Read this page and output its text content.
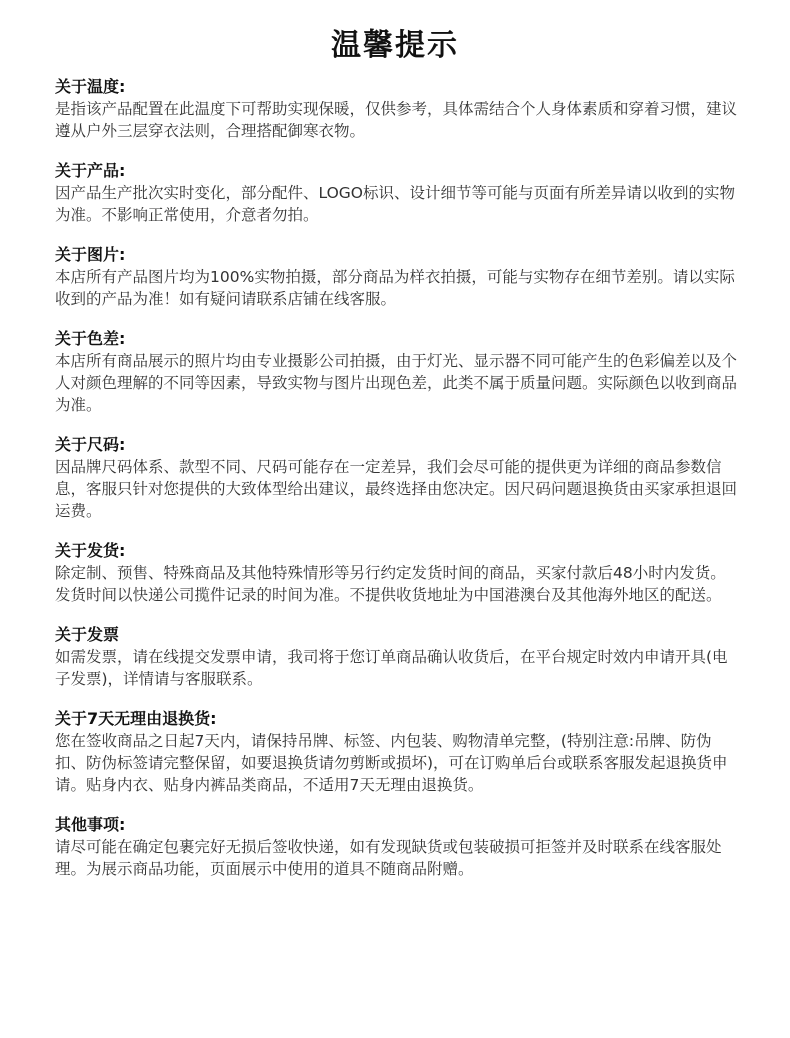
温馨提示

关于温度:

是指该产品配置在此温度下可帮助实现保暖，仅供参考，具体需结合个人身体素质和穿着习惯，建议遵从户外三层穿衣法则，合理搭配御寒衣物。

关于产品:

因产品生产批次实时变化，部分配件、LOGO标识、设计细节等可能与页面有所差异请以收到的实物为准。不影响正常使用，介意者勿拍。

关于图片:

本店所有产品图片均为100%实物拍摄，部分商品为样衣拍摄，可能与实物存在细节差别。请以实际收到的产品为准！如有疑问请联系店铺在线客服。

关于色差:

本店所有商品展示的照片均由专业摄影公司拍摄，由于灯光、显示器不同可能产生的色彩偏差以及个人对颜色理解的不同等因素，导致实物与图片出现色差，此类不属于质量问题。实际颜色以收到商品为准。

关于尺码:

因品牌尺码体系、款型不同、尺码可能存在一定差异，我们会尽可能的提供更为详细的商品参数信息，客服只针对您提供的大致体型给出建议，最终选择由您决定。因尺码问题退换货由买家承担退回运费。

关于发货:

除定制、预售、特殊商品及其他特殊情形等另行约定发货时间的商品，买家付款后48小时内发货。发货时间以快递公司揽件记录的时间为准。不提供收货地址为中国港澳台及其他海外地区的配送。

关于发票

如需发票，请在线提交发票申请，我司将于您订单商品确认收货后，在平台规定时效内申请开具(电子发票)，详情请与客服联系。

关于7天无理由退换货:

您在签收商品之日起7天内，请保持吊牌、标签、内包装、购物清单完整，(特别注意:吊牌、防伪扣、防伪标签请完整保留，如要退换货请勿剪断或损坏)，可在订购单后台或联系客服发起退换货申请。贴身内衣、贴身内裤品类商品，不适用7天无理由退换货。

其他事项:

请尽可能在确定包裹完好无损后签收快递，如有发现缺货或包装破损可拒签并及时联系在线客服处理。为展示商品功能，页面展示中使用的道具不随商品附赠。
